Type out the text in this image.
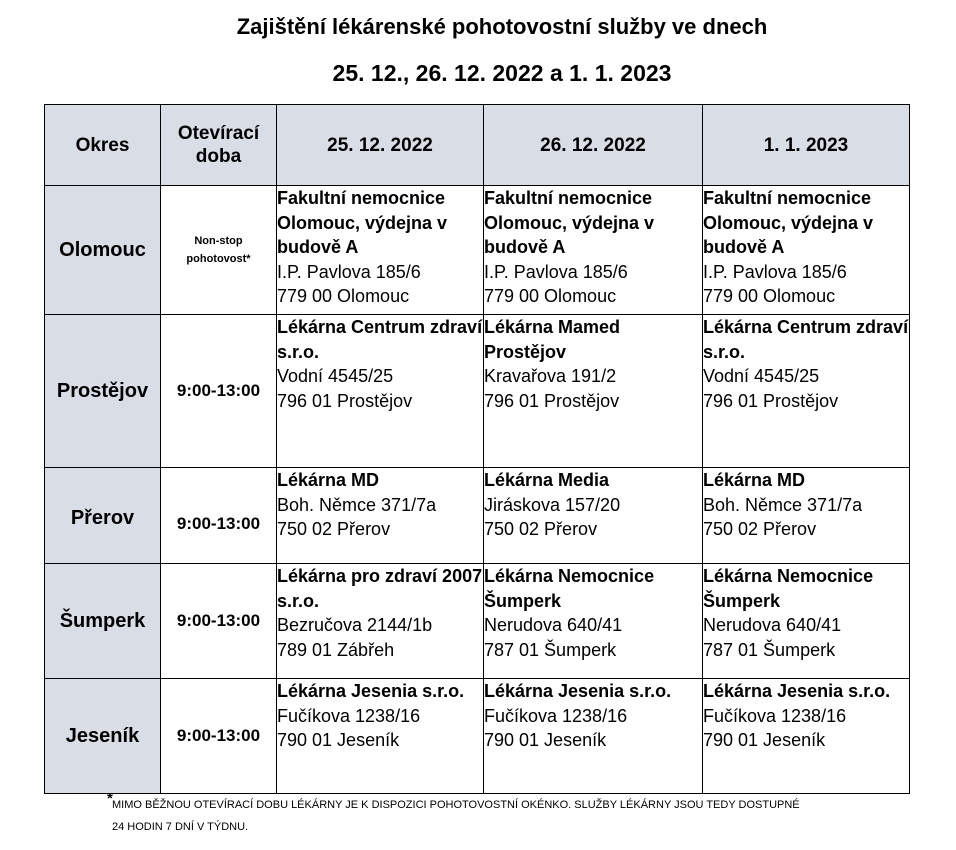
Zajištění lékárenské pohotovostní služby ve dnech
25. 12., 26. 12. 2022 a 1. 1. 2023
Okres	Otevírací
doba	25. 12. 2022	26. 12. 2022	1. 1. 2023
Olomouc	Non-stop
pohotovost*	Fakultní nemocnice Olomouc, výdejna v budově A
I.P. Pavlova 185/6
779 00 Olomouc	Fakultní nemocnice Olomouc, výdejna v budově A
I.P. Pavlova 185/6
779 00 Olomouc	Fakultní nemocnice Olomouc, výdejna v budově A
I.P. Pavlova 185/6
779 00 Olomouc

Prostějov	9:00-13:00	Lékárna Centrum zdraví s.r.o.
Vodní 4545/25
796 01 Prostějov	Lékárna Mamed Prostějov
Kravařova 191/2
796 01 Prostějov	Lékárna Centrum zdraví s.r.o.
Vodní 4545/25
796 01 Prostějov

Přerov	9:00-13:00	Lékárna MD
Boh. Němce 371/7a
750 02 Přerov	Lékárna Media
Jiráskova 157/20
750 02 Přerov	Lékárna MD
Boh. Němce 371/7a
750 02 Přerov

Šumperk	9:00-13:00	Lékárna pro zdraví 2007 s.r.o.
Bezručova 2144/1b
789 01 Zábřeh	Lékárna Nemocnice Šumperk
Nerudova 640/41
787 01 Šumperk	Lékárna Nemocnice Šumperk
Nerudova 640/41
787 01 Šumperk

Jeseník	9:00-13:00	Lékárna Jesenia s.r.o.
Fučíkova 1238/16
790 01 Jeseník	Lékárna Jesenia s.r.o.
Fučíkova 1238/16
790 01 Jeseník	Lékárna Jesenia s.r.o.
Fučíkova 1238/16
790 01 Jeseník
* MIMO BĚŽNOU OTEVÍRACÍ DOBU LÉKÁRNY JE K DISPOZICI POHOTOVOSTNÍ OKÉNKO. SLUŽBY LÉKÁRNY JSOU TEDY DOSTUPNÉ
24 HODIN 7 DNÍ V TÝDNU.
